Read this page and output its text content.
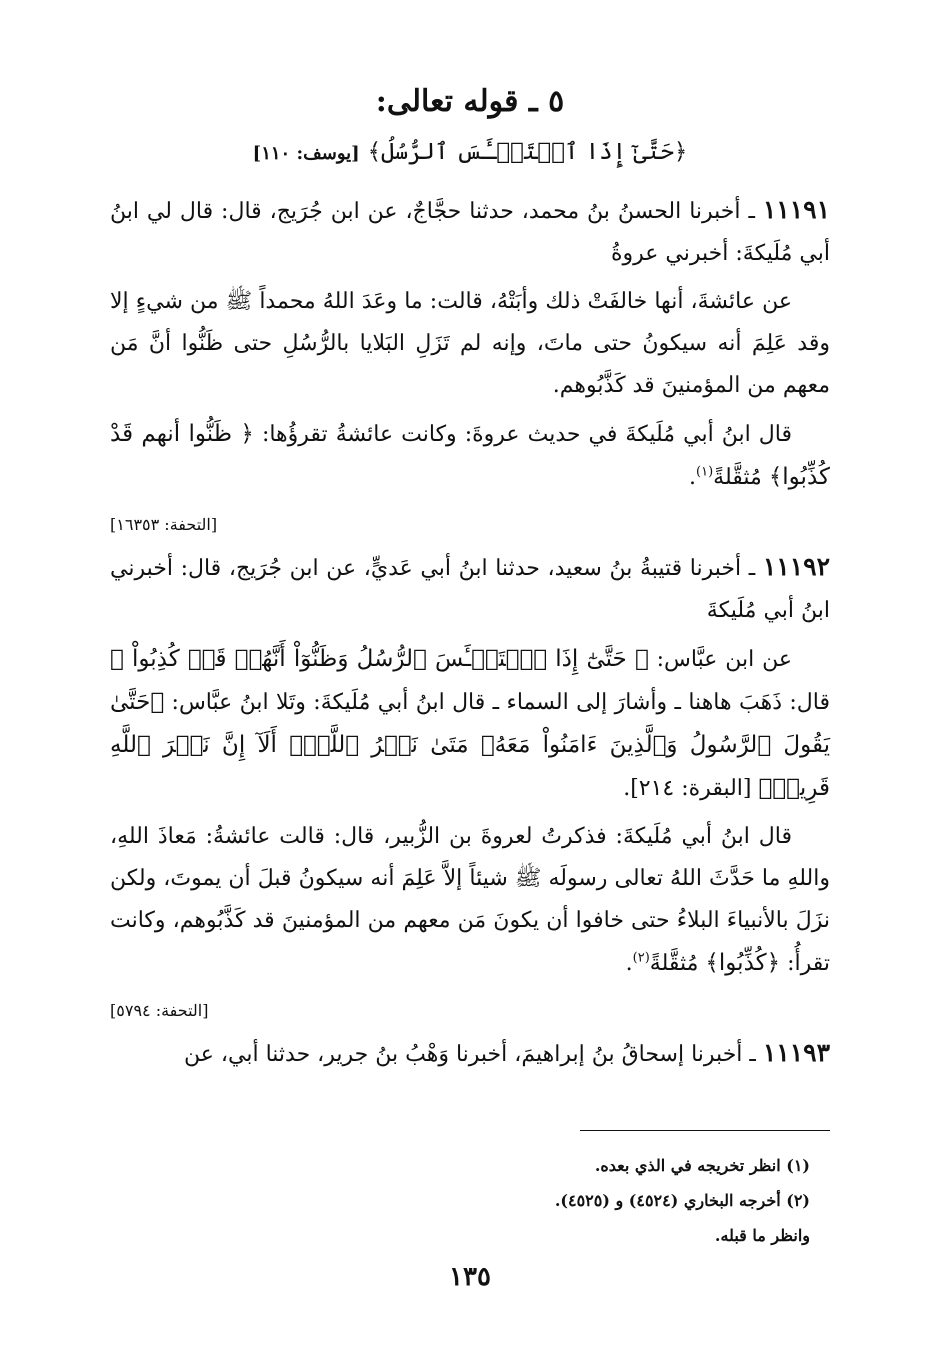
٥ ـ قوله تعالى:
﴿حَتَّىٰٓ إِذَا ٱسۡتَيۡـَٔسَ ٱلرُّسُلُ﴾ [يوسف: ١١٠]

١١١٩١ ـ أخبرنا الحسنُ بنُ محمد، حدثنا حجَّاجٌ، عن ابن جُرَيج، قال: قال لي ابنُ أبي مُلَيكةَ: أخبرني عروةُ

عن عائشةَ، أنها خالفَتْ ذلك وأبَتْهُ، قالت: ما وعَدَ اللهُ محمداً ﷺ من شيءٍ إلا وقد عَلِمَ أنه سيكونُ حتى ماتَ، وإنه لم تَزَلِ البَلايا بالرُّسُلِ حتى ظَنُّوا أنَّ مَن معهم من المؤمنينَ قد كَذَّبُوهم.

قال ابنُ أبي مُلَيكةَ في حديث عروةَ: وكانت عائشةُ تقرؤُها: ﴿ ظَنُّوا أنهم قَدْ كُذِّبُوا﴾ مُثقَّلةً$^{(١)}$.

[التحفة: ١٦٣٥٣]

١١١٩٢ ـ أخبرنا قتيبةُ بنُ سعيد، حدثنا ابنُ أبي عَديٍّ، عن ابن جُرَيج، قال: أخبرني ابنُ أبي مُلَيكةَ

عن ابن عبَّاس: ﴿ حَتَّىٰٓ إِذَا ٱسۡتَيۡـَٔسَ ٱلرُّسُلُ وَظَنُّوٓاْ أَنَّهُمۡ قَدۡ كُذِبُواْ ﴾ قال: ذَهَبَ هاهنا ـ وأشارَ إلى السماء ـ قال ابنُ أبي مُلَيكةَ: وتَلا ابنُ عبَّاس: ﴿حَتَّىٰ يَقُولَ ٱلرَّسُولُ وَٱلَّذِينَ ءَامَنُواْ مَعَهُۥ مَتَىٰ نَصۡرُ ٱللَّهِۗ أَلَآ إِنَّ نَصۡرَ ٱللَّهِ قَرِيبٞ﴾ [البقرة: ٢١٤].

قال ابنُ أبي مُلَيكةَ: فذكرتُ لعروةَ بن الزُّبير، قال: قالت عائشةُ: مَعاذَ اللهِ، واللهِ ما حَدَّثَ اللهُ تعالى رسولَه ﷺ شيئاً إلاَّ عَلِمَ أنه سيكونُ قبلَ أن يموتَ، ولكن نزَلَ بالأنبياءَ البلاءُ حتى خافوا أن يكونَ مَن معهم من المؤمنينَ قد كَذَّبُوهم، وكانت تقرأُ: ﴿كُذِّبُوا﴾ مُثقَّلةً$^{(٢)}$.

[التحفة: ٥٧٩٤]

١١١٩٣ ـ أخبرنا إسحاقُ بنُ إبراهيمَ، أخبرنا وَهْبُ بنُ جرير، حدثنا أبي، عن

(١) انظر تخريجه في الذي بعده.
(٢) أخرجه البخاري (٤٥٢٤) و (٤٥٢٥).
وانظر ما قبله.
١٣٥
